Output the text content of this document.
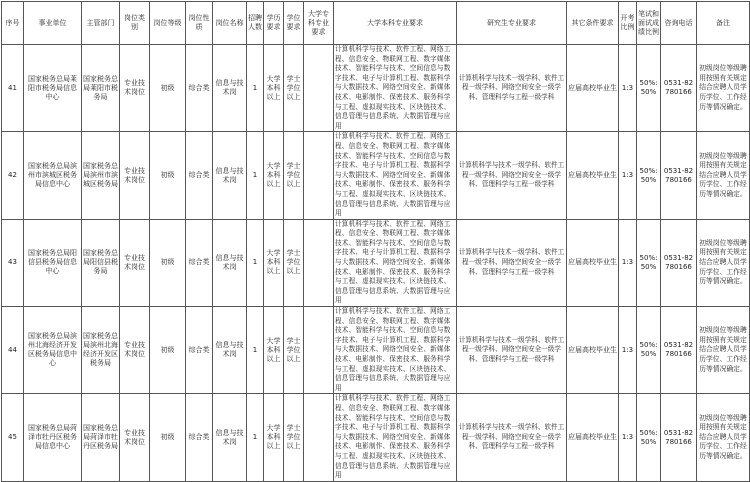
序号	事业单位	主管部门	岗位类别	岗位等级	岗位性质	岗位名称	招聘人数	学历要求	学位要求	大学专科专业要求	大学本科专业要求	研究生专业要求	其它条件要求	开考比例	笔试和面试成绩比例	咨询电话	备注
41	国家税务总局莱阳市税务局信息中心	国家税务总局莱阳市税务局	专业技术岗位	初级	综合类	信息与技术岗	1	大学本科以上	学士学位以上		计算机科学与技术、软件工程、网络工程、信息安全、物联网工程、数字媒体技术、智能科学与技术、空间信息与数字技术、电子与计算机工程、数据科学与大数据技术、网络空间安全、新媒体技术、电影制作、保密技术、服务科学与工程、虚拟现实技术、区块链技术、信息管理与信息系统、大数据管理与应用	计算机科学与技术一级学科、软件工程一级学科、网络空间安全一级学科、管理科学与工程一级学科	应届高校毕业生	1:3	50%:50%	0531-82780166	初级岗位等级聘用按照有关规定结合应聘人员学历学位、工作经历等情况确定。
42	国家税务总局滨州市滨城区税务局信息中心	国家税务总局滨州市滨城区税务局	专业技术岗位	初级	综合类	信息与技术岗	1	大学本科以上	学士学位以上		计算机科学与技术、软件工程、网络工程、信息安全、物联网工程、数字媒体技术、智能科学与技术、空间信息与数字技术、电子与计算机工程、数据科学与大数据技术、网络空间安全、新媒体技术、电影制作、保密技术、服务科学与工程、虚拟现实技术、区块链技术、信息管理与信息系统、大数据管理与应用	计算机科学与技术一级学科、软件工程一级学科、网络空间安全一级学科、管理科学与工程一级学科	应届高校毕业生	1:3	50%:50%	0531-82780166	初级岗位等级聘用按照有关规定结合应聘人员学历学位、工作经历等情况确定。
43	国家税务总局阳信县税务局信息中心	国家税务总局阳信县税务局	专业技术岗位	初级	综合类	信息与技术岗	1	大学本科以上	学士学位以上		计算机科学与技术、软件工程、网络工程、信息安全、物联网工程、数字媒体技术、智能科学与技术、空间信息与数字技术、电子与计算机工程、数据科学与大数据技术、网络空间安全、新媒体技术、电影制作、保密技术、服务科学与工程、虚拟现实技术、区块链技术、信息管理与信息系统、大数据管理与应用	计算机科学与技术一级学科、软件工程一级学科、网络空间安全一级学科、管理科学与工程一级学科	应届高校毕业生	1:3	50%:50%	0531-82780166	初级岗位等级聘用按照有关规定结合应聘人员学历学位、工作经历等情况确定。
44	国家税务总局滨州北海经济开发区税务局信息中心	国家税务总局滨州北海经济开发区税务局	专业技术岗位	初级	综合类	信息与技术岗	1	大学本科以上	学士学位以上		计算机科学与技术、软件工程、网络工程、信息安全、物联网工程、数字媒体技术、智能科学与技术、空间信息与数字技术、电子与计算机工程、数据科学与大数据技术、网络空间安全、新媒体技术、电影制作、保密技术、服务科学与工程、虚拟现实技术、区块链技术、信息管理与信息系统、大数据管理与应用	计算机科学与技术一级学科、软件工程一级学科、网络空间安全一级学科、管理科学与工程一级学科	应届高校毕业生	1:3	50%:50%	0531-82780166	初级岗位等级聘用按照有关规定结合应聘人员学历学位、工作经历等情况确定。
45	国家税务总局菏泽市牡丹区税务局信息中心	国家税务总局菏泽市牡丹区税务局	专业技术岗位	初级	综合类	信息与技术岗	1	大学本科以上	学士学位以上		计算机科学与技术、软件工程、网络工程、信息安全、物联网工程、数字媒体技术、智能科学与技术、空间信息与数字技术、电子与计算机工程、数据科学与大数据技术、网络空间安全、新媒体技术、电影制作、保密技术、服务科学与工程、虚拟现实技术、区块链技术、信息管理与信息系统、大数据管理与应用	计算机科学与技术一级学科、软件工程一级学科、网络空间安全一级学科、管理科学与工程一级学科	应届高校毕业生	1:3	50%:50%	0531-82780166	初级岗位等级聘用按照有关规定结合应聘人员学历学位、工作经历等情况确定。
